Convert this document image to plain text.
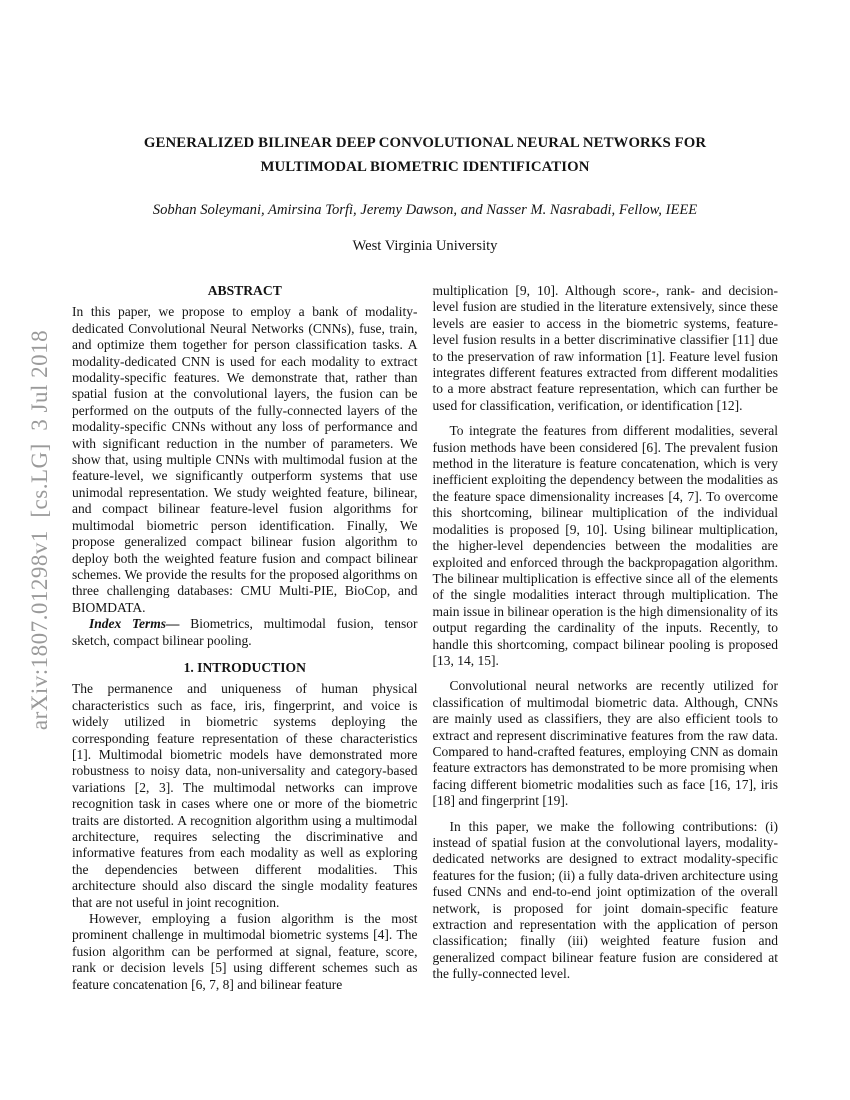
arXiv:1807.01298v1  [cs.LG]  3 Jul 2018
GENERALIZED BILINEAR DEEP CONVOLUTIONAL NEURAL NETWORKS FOR MULTIMODAL BIOMETRIC IDENTIFICATION
Sobhan Soleymani, Amirsina Torfi, Jeremy Dawson, and Nasser M. Nasrabadi, Fellow, IEEE
West Virginia University
ABSTRACT

In this paper, we propose to employ a bank of modality-dedicated Convolutional Neural Networks (CNNs), fuse, train, and optimize them together for person classification tasks. A modality-dedicated CNN is used for each modality to extract modality-specific features. We demonstrate that, rather than spatial fusion at the convolutional layers, the fusion can be performed on the outputs of the fully-connected layers of the modality-specific CNNs without any loss of performance and with significant reduction in the number of parameters. We show that, using multiple CNNs with multimodal fusion at the feature-level, we significantly outperform systems that use unimodal representation. We study weighted feature, bilinear, and compact bilinear feature-level fusion algorithms for multimodal biometric person identification. Finally, We propose generalized compact bilinear fusion algorithm to deploy both the weighted feature fusion and compact bilinear schemes. We provide the results for the proposed algorithms on three challenging databases: CMU Multi-PIE, BioCop, and BIOMDATA.

Index Terms— Biometrics, multimodal fusion, tensor sketch, compact bilinear pooling.

1. INTRODUCTION

The permanence and uniqueness of human physical characteristics such as face, iris, fingerprint, and voice is widely utilized in biometric systems deploying the corresponding feature representation of these characteristics [1]. Multimodal biometric models have demonstrated more robustness to noisy data, non-universality and category-based variations [2, 3]. The multimodal networks can improve recognition task in cases where one or more of the biometric traits are distorted. A recognition algorithm using a multimodal architecture, requires selecting the discriminative and informative features from each modality as well as exploring the dependencies between different modalities. This architecture should also discard the single modality features that are not useful in joint recognition.

However, employing a fusion algorithm is the most prominent challenge in multimodal biometric systems [4]. The fusion algorithm can be performed at signal, feature, score, rank or decision levels [5] using different schemes such as feature concatenation [6, 7, 8] and bilinear feature

multiplication [9, 10]. Although score-, rank- and decision-level fusion are studied in the literature extensively, since these levels are easier to access in the biometric systems, feature-level fusion results in a better discriminative classifier [11] due to the preservation of raw information [1]. Feature level fusion integrates different features extracted from different modalities to a more abstract feature representation, which can further be used for classification, verification, or identification [12].

To integrate the features from different modalities, several fusion methods have been considered [6]. The prevalent fusion method in the literature is feature concatenation, which is very inefficient exploiting the dependency between the modalities as the feature space dimensionality increases [4, 7]. To overcome this shortcoming, bilinear multiplication of the individual modalities is proposed [9, 10]. Using bilinear multiplication, the higher-level dependencies between the modalities are exploited and enforced through the backpropagation algorithm. The bilinear multiplication is effective since all of the elements of the single modalities interact through multiplication. The main issue in bilinear operation is the high dimensionality of its output regarding the cardinality of the inputs. Recently, to handle this shortcoming, compact bilinear pooling is proposed [13, 14, 15].

Convolutional neural networks are recently utilized for classification of multimodal biometric data. Although, CNNs are mainly used as classifiers, they are also efficient tools to extract and represent discriminative features from the raw data. Compared to hand-crafted features, employing CNN as domain feature extractors has demonstrated to be more promising when facing different biometric modalities such as face [16, 17], iris [18] and fingerprint [19].

In this paper, we make the following contributions: (i) instead of spatial fusion at the convolutional layers, modality-dedicated networks are designed to extract modality-specific features for the fusion; (ii) a fully data-driven architecture using fused CNNs and end-to-end joint optimization of the overall network, is proposed for joint domain-specific feature extraction and representation with the application of person classification; finally (iii) weighted feature fusion and generalized compact bilinear feature fusion are considered at the fully-connected level.
